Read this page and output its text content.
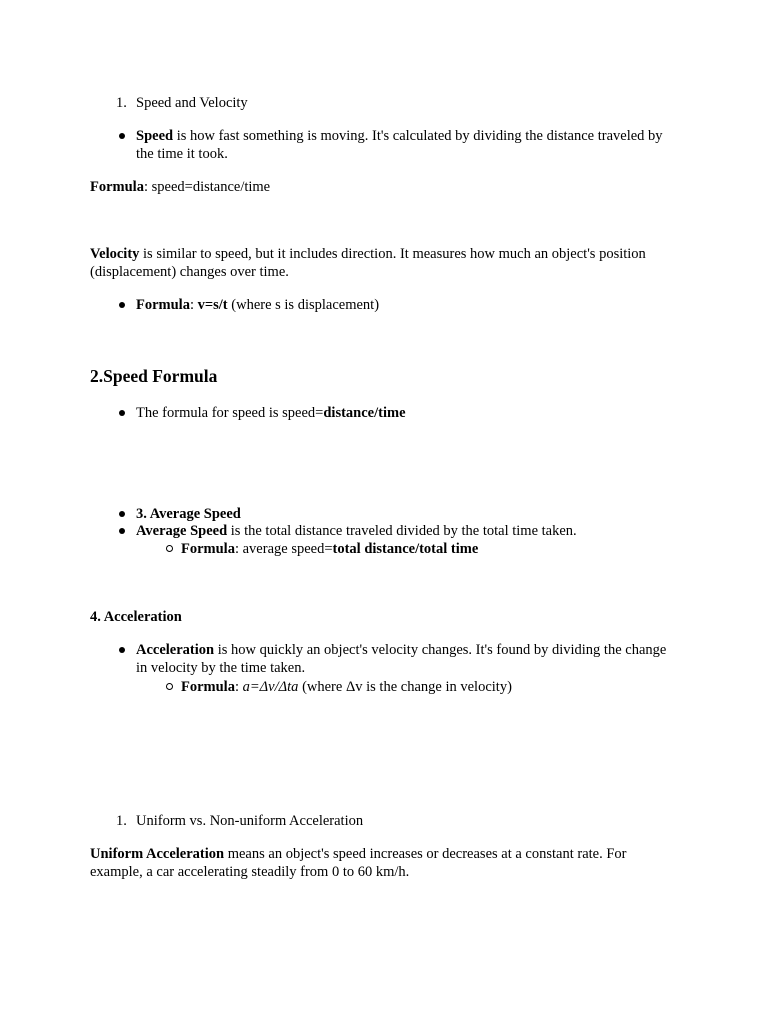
1. Speed and Velocity
Speed is how fast something is moving. It's calculated by dividing the distance traveled by the time it took.
Formula: speed=distance/time
Velocity is similar to speed, but it includes direction. It measures how much an object's position (displacement) changes over time.
Formula: v=s/t (where s is displacement)
2.Speed Formula
The formula for speed is speed=distance/time
3. Average Speed
Average Speed is the total distance traveled divided by the total time taken.
Formula: average speed=total distance/total time
4. Acceleration
Acceleration is how quickly an object's velocity changes. It's found by dividing the change in velocity by the time taken.
Formula: a=Δv/Δta (where Δv is the change in velocity)
1. Uniform vs. Non-uniform Acceleration
Uniform Acceleration means an object's speed increases or decreases at a constant rate. For example, a car accelerating steadily from 0 to 60 km/h.
